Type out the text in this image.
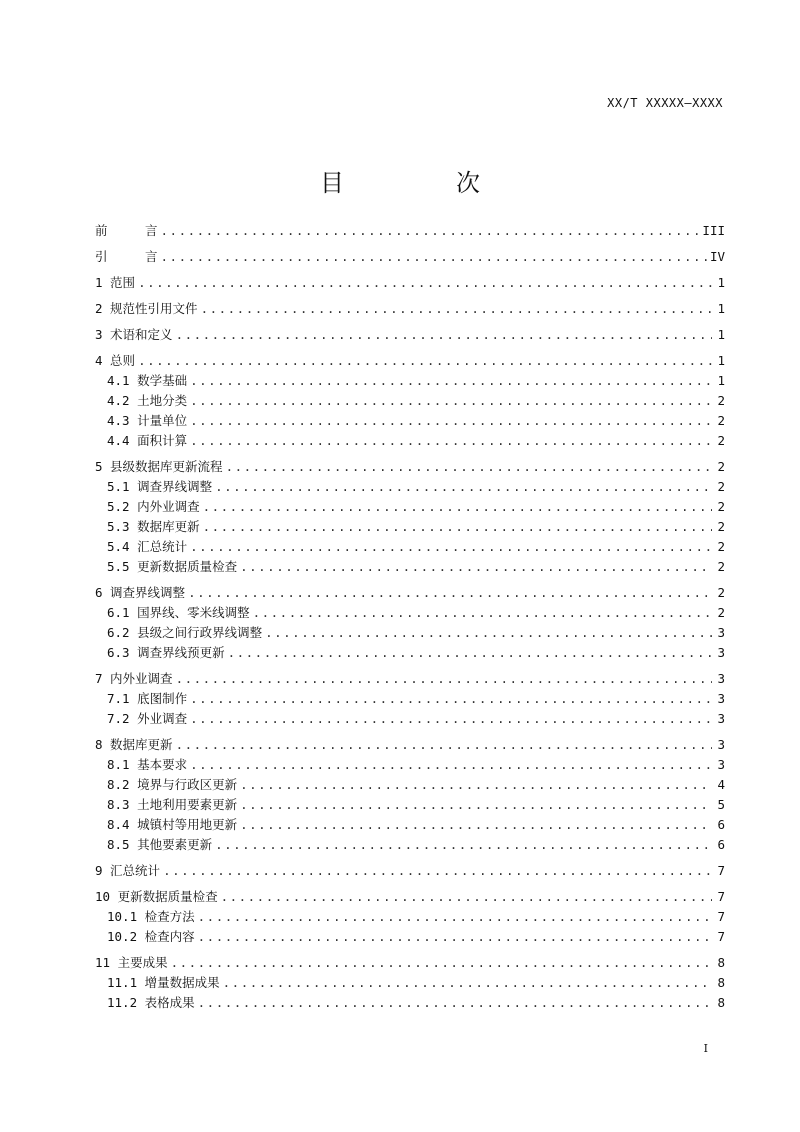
XX/T XXXXX—XXXX
目　次
前　　　言 .....	III
引　　　言 .....	IV
1 范围 .....	1
2 规范性引用文件 .....	1
3 术语和定义 .....	1
4 总则 .....	1
4.1 数学基础 .....	1
4.2 土地分类 .....	2
4.3 计量单位 .....	2
4.4 面积计算 .....	2
5 县级数据库更新流程 .....	2
5.1 调查界线调整 .....	2
5.2 内外业调查 .....	2
5.3 数据库更新 .....	2
5.4 汇总统计 .....	2
5.5 更新数据质量检查 .....	2
6 调查界线调整 .....	2
6.1 国界线、零米线调整 .....	2
6.2 县级之间行政界线调整 .....	3
6.3 调查界线预更新 .....	3
7 内外业调查 .....	3
7.1 底图制作 .....	3
7.2 外业调查 .....	3
8 数据库更新 .....	3
8.1 基本要求 .....	3
8.2 境界与行政区更新 .....	4
8.3 土地利用要素更新 .....	5
8.4 城镇村等用地更新 .....	6
8.5 其他要素更新 .....	6
9 汇总统计 .....	7
10 更新数据质量检查 .....	7
10.1 检查方法 .....	7
10.2 检查内容 .....	7
11 主要成果 .....	8
11.1 增量数据成果 .....	8
11.2 表格成果 .....	8
I
